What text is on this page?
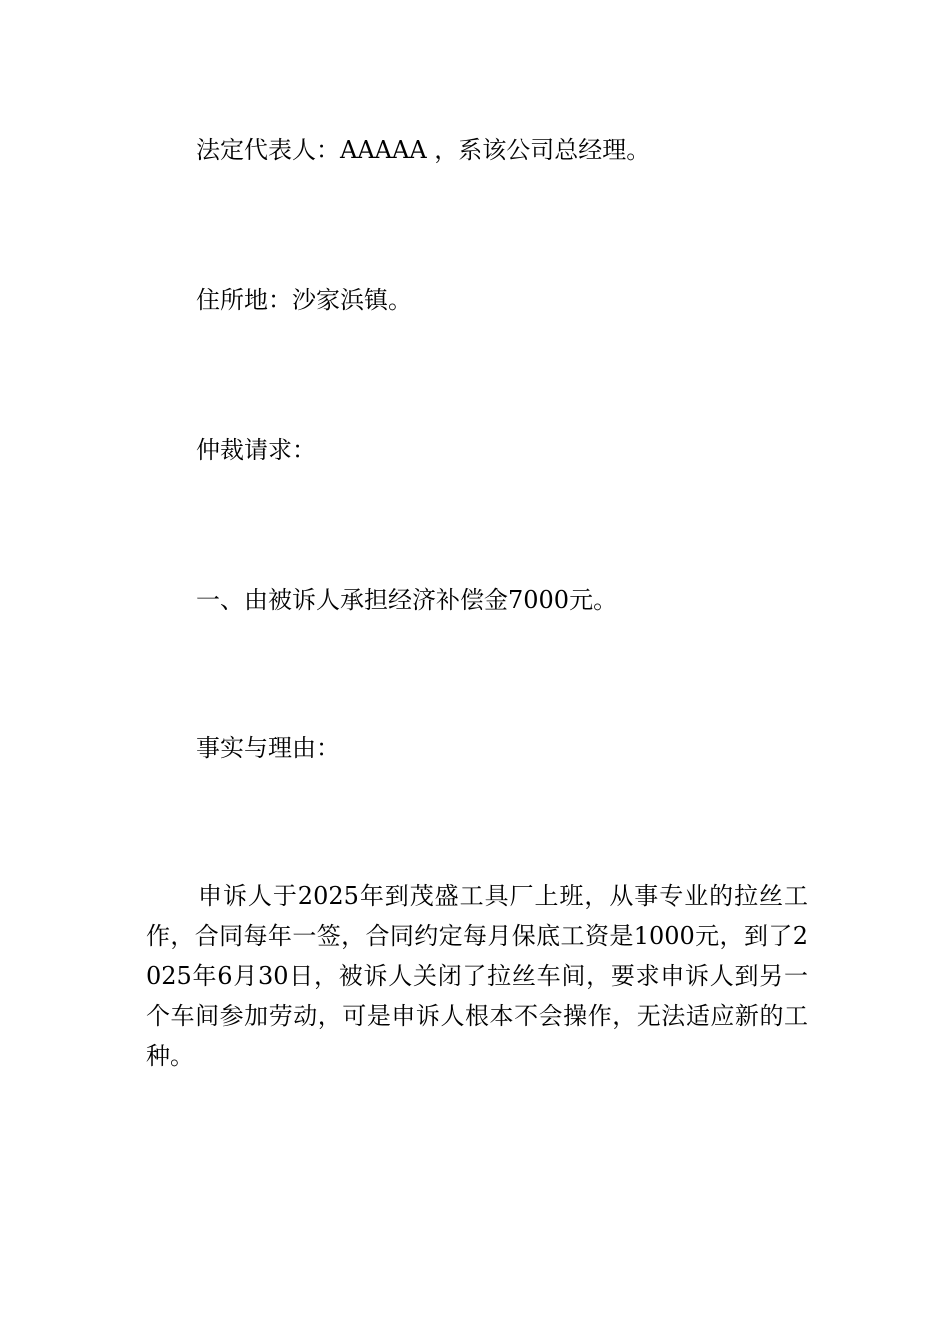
法定代表人：AAAAA ，系该公司总经理。
住所地：沙家浜镇。
仲裁请求：
一、由被诉人承担经济补偿金7000元。
事实与理由：
申诉人于2025年到茂盛工具厂上班，从事专业的拉丝工作，合同每年一签，合同约定每月保底工资是1000元，到了2025年6月30日，被诉人关闭了拉丝车间，要求申诉人到另一个车间参加劳动，可是申诉人根本不会操作，无法适应新的工种。
